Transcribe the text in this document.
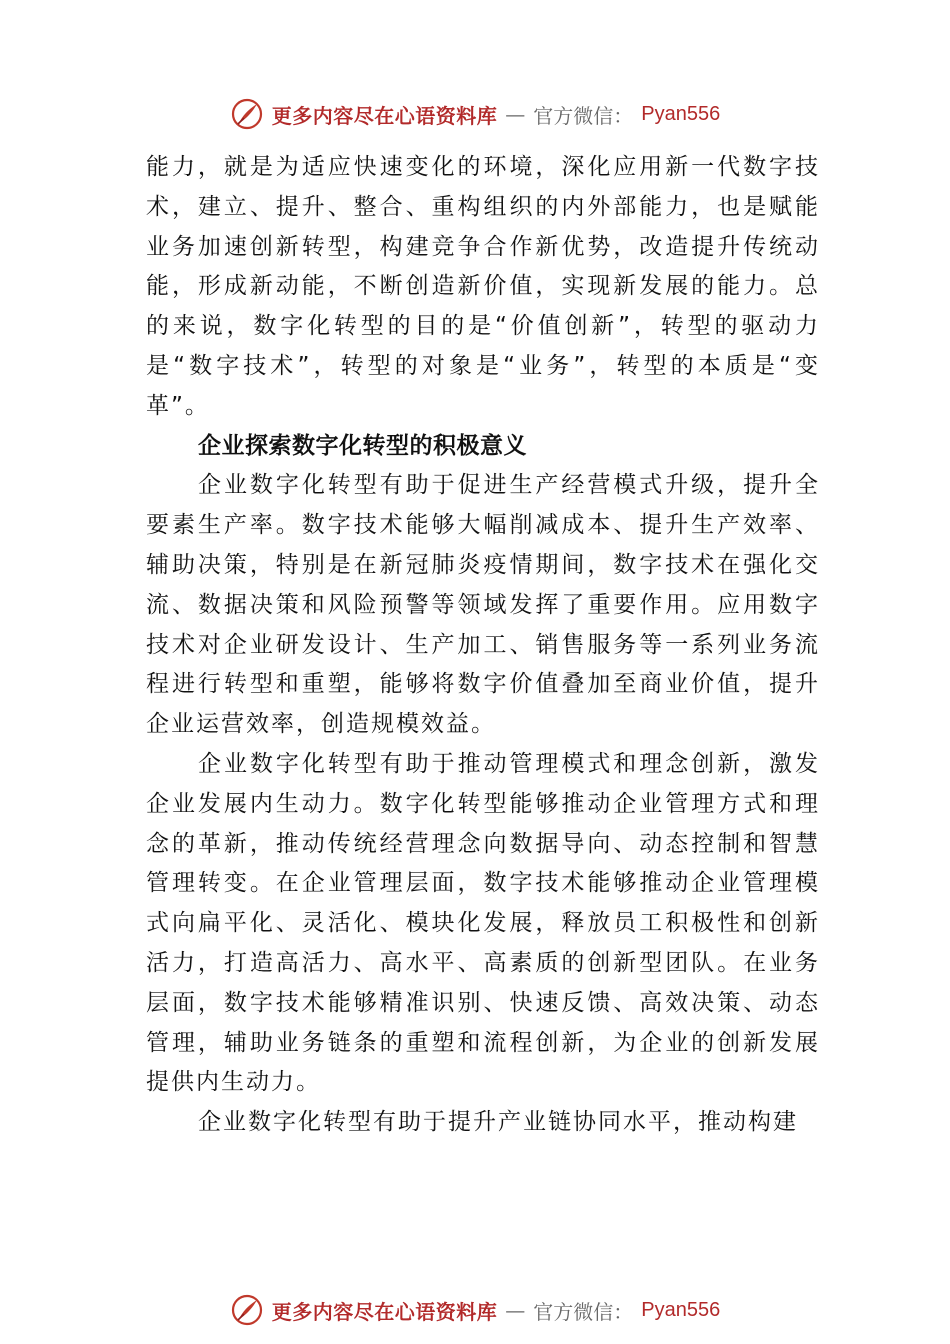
更多内容尽在心语资料库 — 官方微信： Pyan556

能力，就是为适应快速变化的环境，深化应用新一代数字技术，建立、提升、整合、重构组织的内外部能力，也是赋能业务加速创新转型，构建竞争合作新优势，改造提升传统动能，形成新动能，不断创造新价值，实现新发展的能力。总的来说，数字化转型的目的是“价值创新”，转型的驱动力是“数字技术”，转型的对象是“业务”，转型的本质是“变革”。

企业探索数字化转型的积极意义

企业数字化转型有助于促进生产经营模式升级，提升全要素生产率。数字技术能够大幅削减成本、提升生产效率、 辅助决策，特别是在新冠肺炎疫情期间，数字技术在强化交流、数据决策和风险预警等领域发挥了重要作用。应用数字技术对企业研发设计、生产加工、销售服务等一系列业务流程进行转型和重塑，能够将数字价值叠加至商业价值，提升企业运营效率，创造规模效益。

企业数字化转型有助于推动管理模式和理念创新，激发企业发展内生动力。数字化转型能够推动企业管理方式和理念的革新，推动传统经营理念向数据导向、动态控制和智慧管理转变。在企业管理层面，数字技术能够推动企业管理模式向扁平化、灵活化、模块化发展，释放员工积极性和创新活力，打造高活力、高水平、高素质的创新型团队。在业务层面，数字技术能够精准识别、快速反馈、高效决策、动态管理，辅助业务链条的重塑和流程创新，为企业的创新发展提供内生动力。

企业数字化转型有助于提升产业链协同水平，推动构建

更多内容尽在心语资料库 — 官方微信： Pyan556
